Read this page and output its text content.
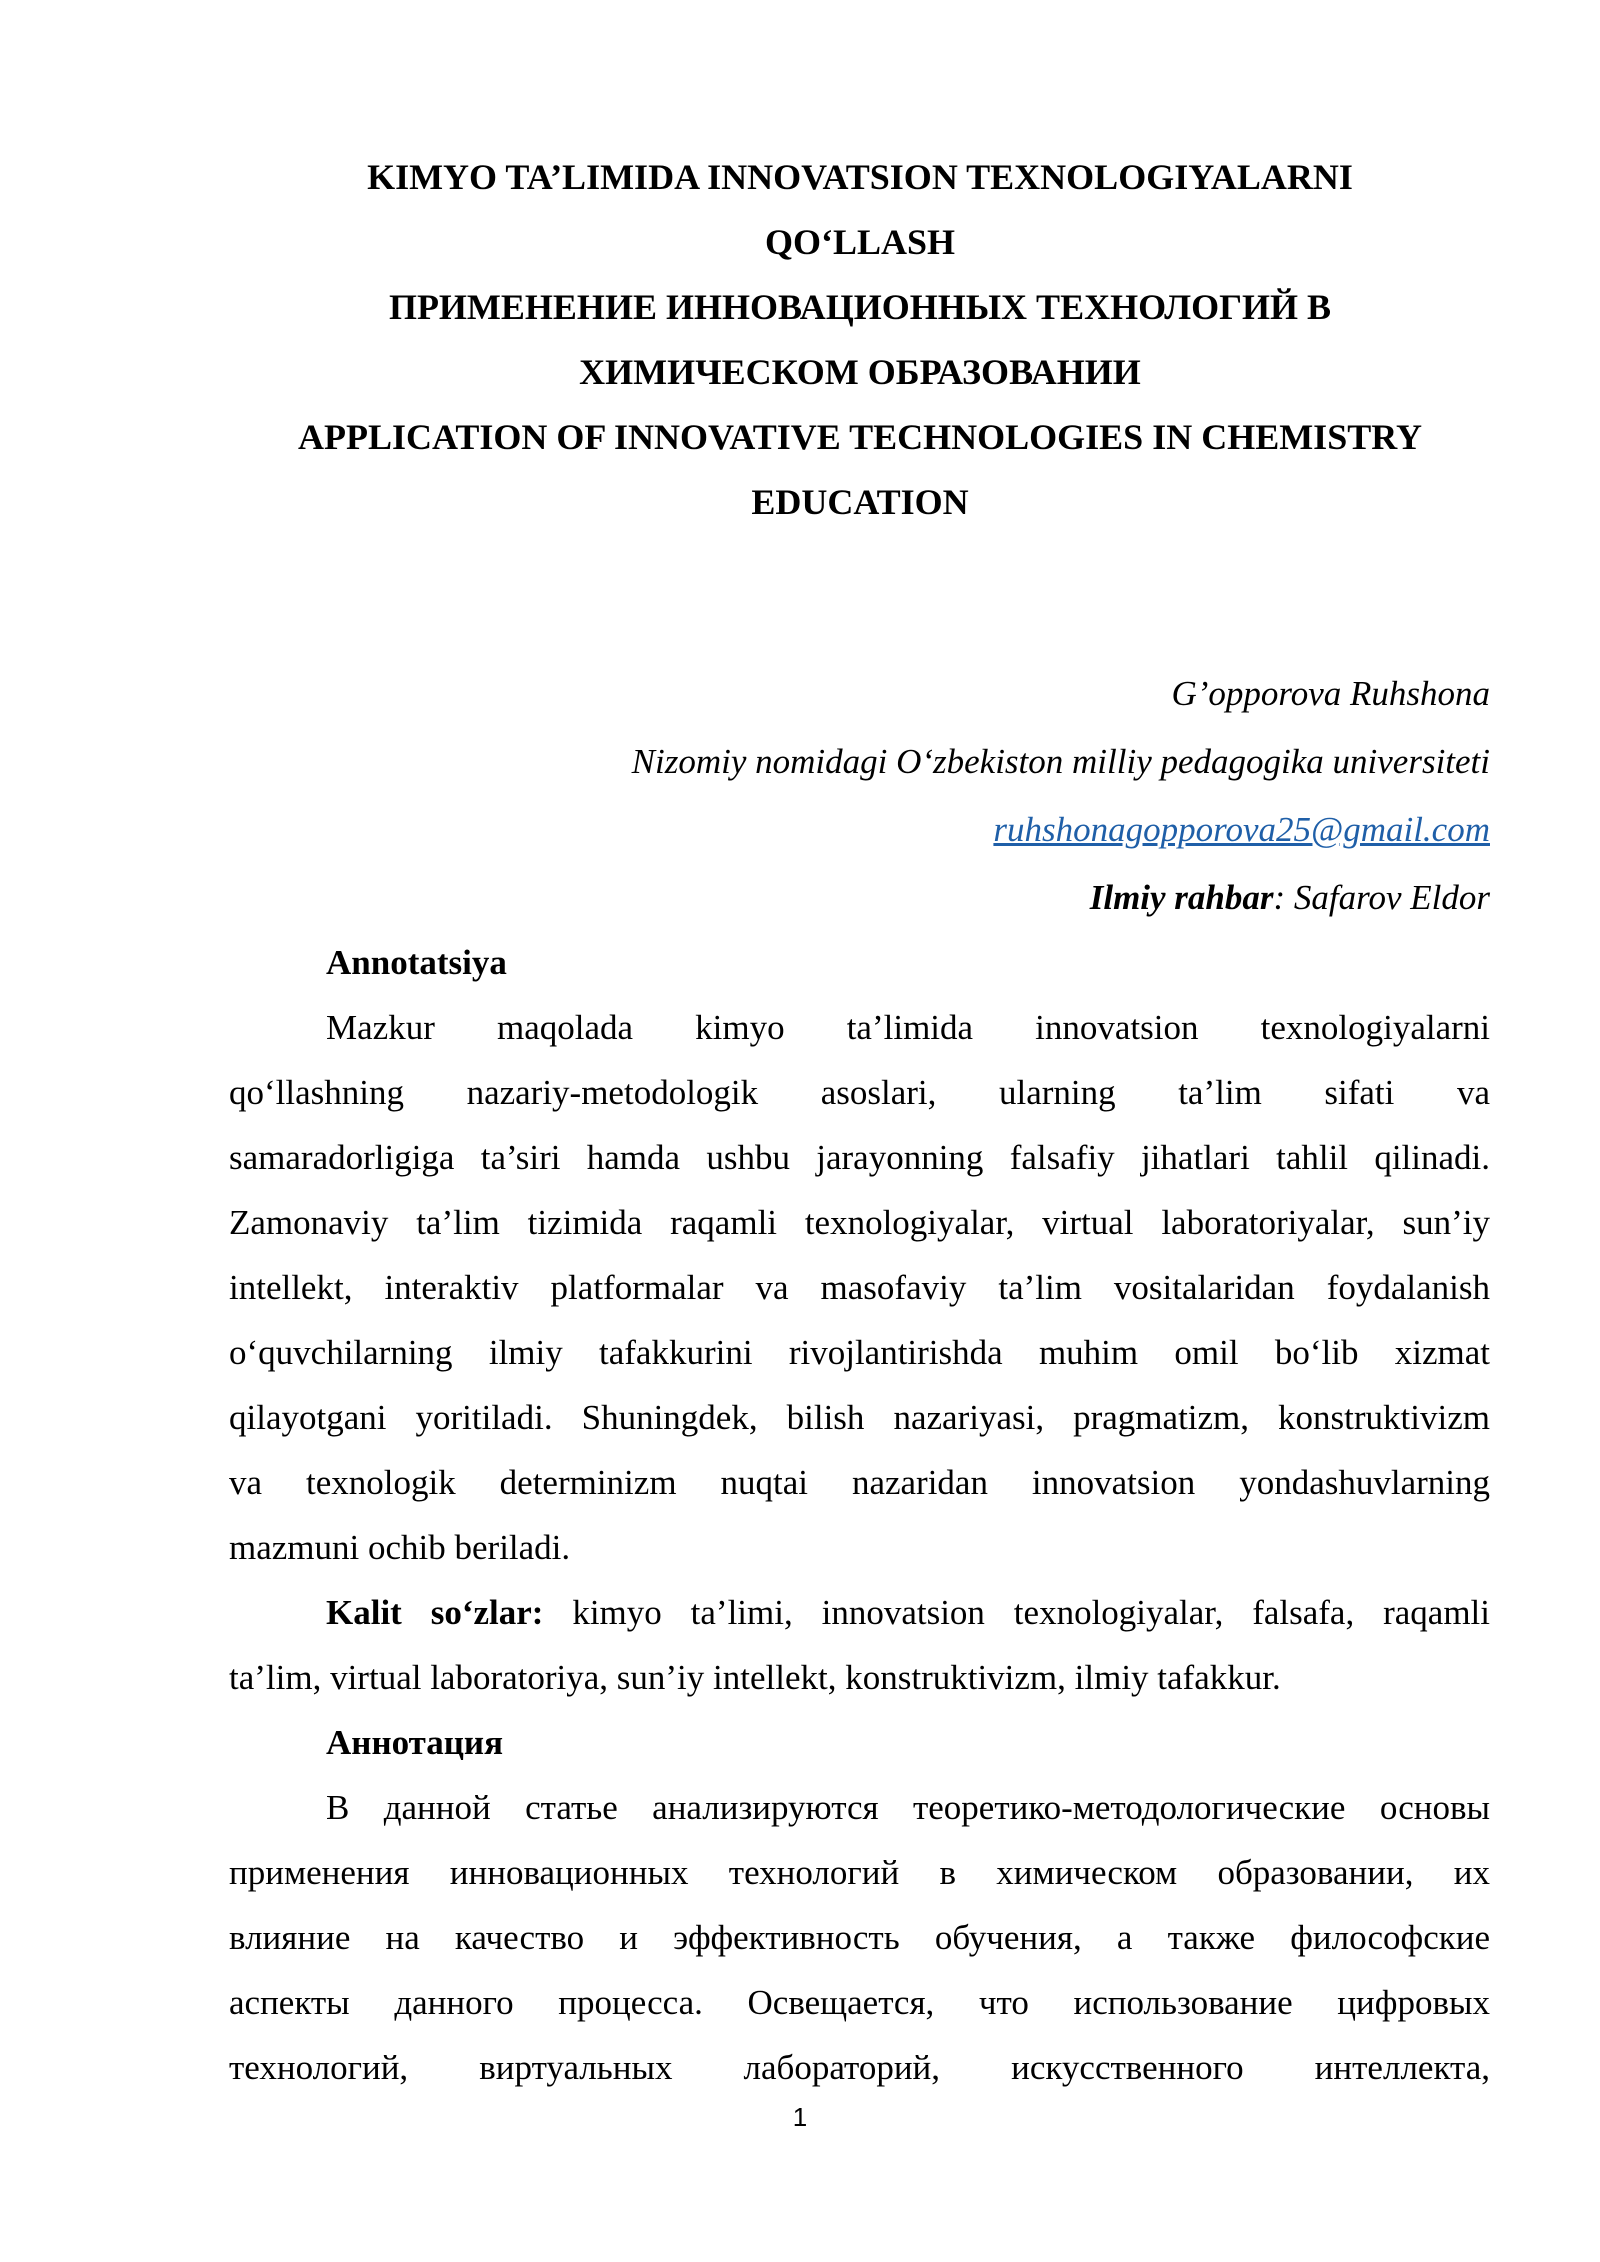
KIMYO TA’LIMIDA INNOVATSION TEXNOLOGIYALARNI
QO‘LLASH
ПРИМЕНЕНИЕ ИННОВАЦИОННЫХ ТЕХНОЛОГИЙ В
ХИМИЧЕСКОМ ОБРАЗОВАНИИ
APPLICATION OF INNOVATIVE TECHNOLOGIES IN CHEMISTRY
EDUCATION
G’opporova Ruhshona
Nizomiy nomidagi O‘zbekiston milliy pedagogika universiteti
ruhshonagopporova25@gmail.com
Ilmiy rahbar: Safarov Eldor
Annotatsiya
Mazkur maqolada kimyo ta’limida innovatsion texnologiyalarni
qo‘llashning nazariy-metodologik asoslari, ularning ta’lim sifati va
samaradorligiga ta’siri hamda ushbu jarayonning falsafiy jihatlari tahlil qilinadi.
Zamonaviy ta’lim tizimida raqamli texnologiyalar, virtual laboratoriyalar, sun’iy
intellekt, interaktiv platformalar va masofaviy ta’lim vositalaridan foydalanish
o‘quvchilarning ilmiy tafakkurini rivojlantirishda muhim omil bo‘lib xizmat
qilayotgani yoritiladi. Shuningdek, bilish nazariyasi, pragmatizm, konstruktivizm
va texnologik determinizm nuqtai nazaridan innovatsion yondashuvlarning
mazmuni ochib beriladi.
Kalit so‘zlar: kimyo ta’limi, innovatsion texnologiyalar, falsafa, raqamli
ta’lim, virtual laboratoriya, sun’iy intellekt, konstruktivizm, ilmiy tafakkur.
Аннотация
В данной статье анализируются теоретико-методологические основы
применения инновационных технологий в химическом образовании, их
влияние на качество и эффективность обучения, а также философские
аспекты данного процесса. Освещается, что использование цифровых
технологий, виртуальных лабораторий, искусственного интеллекта,
1
